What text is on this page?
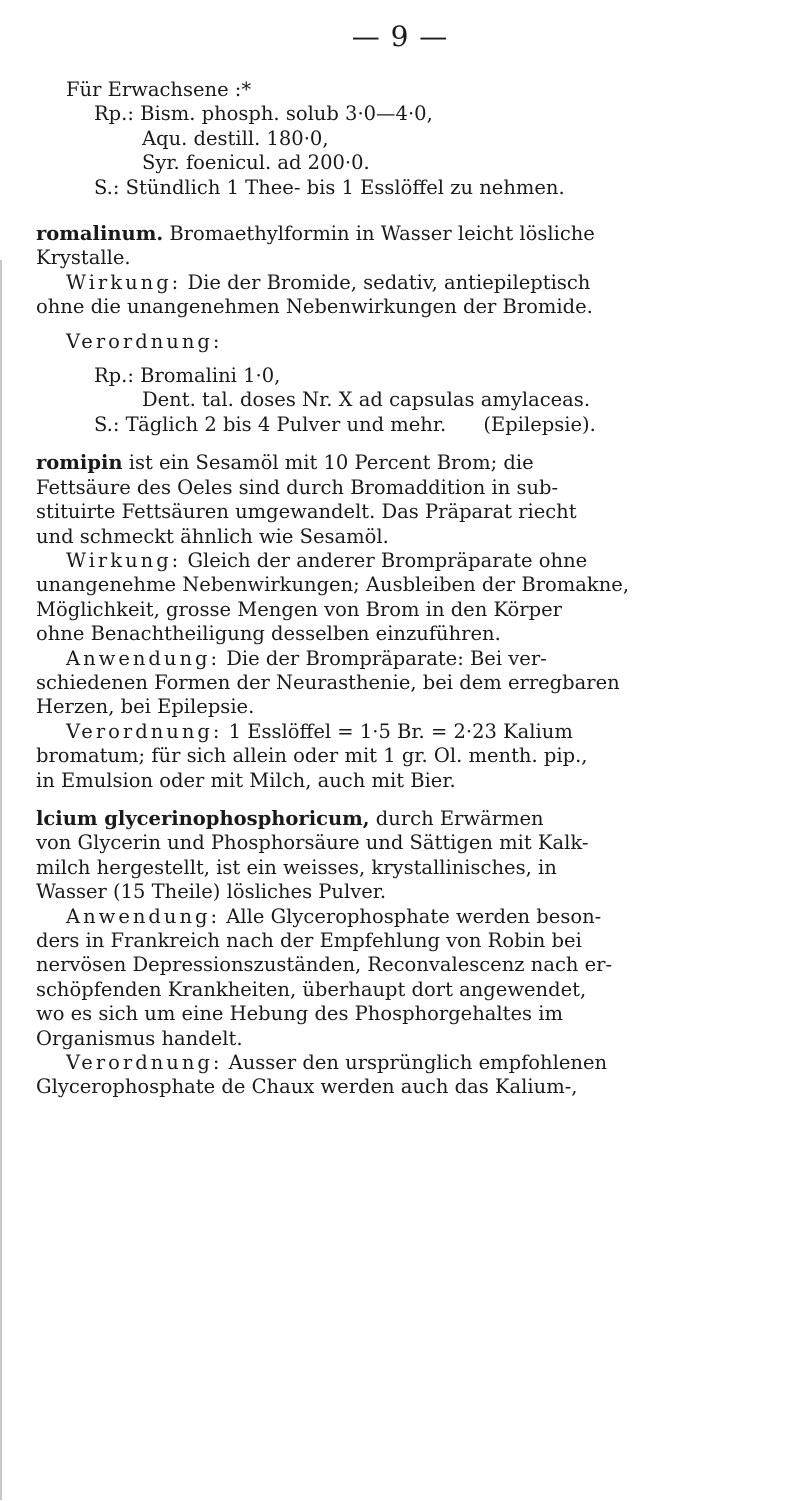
— 9 —

Für Erwachsene :*

Rp.: Bism. phosph. solub 3·0—4·0,

Aqu. destill. 180·0,

Syr. foenicul. ad 200·0.

S.: Stündlich 1 Thee- bis 1 Esslöffel zu nehmen.

romalinum. Bromaethylformin in Wasser leicht lösliche

Krystalle.

Wirkung: Die der Bromide, sedativ, antiepileptisch

ohne die unangenehmen Nebenwirkungen der Bromide.

Verordnung:

Rp.: Bromalini 1·0,

Dent. tal. doses Nr. X ad capsulas amylaceas.

S.: Täglich 2 bis 4 Pulver und mehr.      (Epilepsie).

romipin ist ein Sesamöl mit 10 Percent Brom; die

Fettsäure des Oeles sind durch Bromaddition in sub-

stituirte Fettsäuren umgewandelt. Das Präparat riecht

und schmeckt ähnlich wie Sesamöl.

Wirkung: Gleich der anderer Brompräparate ohne

unangenehme Nebenwirkungen; Ausbleiben der Bromakne,

Möglichkeit, grosse Mengen von Brom in den Körper

ohne Benachtheiligung desselben einzuführen.

Anwendung: Die der Brompräparate: Bei ver-

schiedenen Formen der Neurasthenie, bei dem erregbaren

Herzen, bei Epilepsie.

Verordnung: 1 Esslöffel = 1·5 Br. = 2·23 Kalium

bromatum; für sich allein oder mit 1 gr. Ol. menth. pip.,

in Emulsion oder mit Milch, auch mit Bier.

lcium glycerinophosphoricum, durch Erwärmen

von Glycerin und Phosphorsäure und Sättigen mit Kalk-

milch hergestellt, ist ein weisses, krystallinisches, in

Wasser (15 Theile) lösliches Pulver.

Anwendung: Alle Glycerophosphate werden beson-

ders in Frankreich nach der Empfehlung von Robin bei

nervösen Depressionszuständen, Reconvalescenz nach er-

schöpfenden Krankheiten, überhaupt dort angewendet,

wo es sich um eine Hebung des Phosphorgehaltes im

Organismus handelt.

Verordnung: Ausser den ursprünglich empfohlenen

Glycerophosphate de Chaux werden auch das Kalium-,
